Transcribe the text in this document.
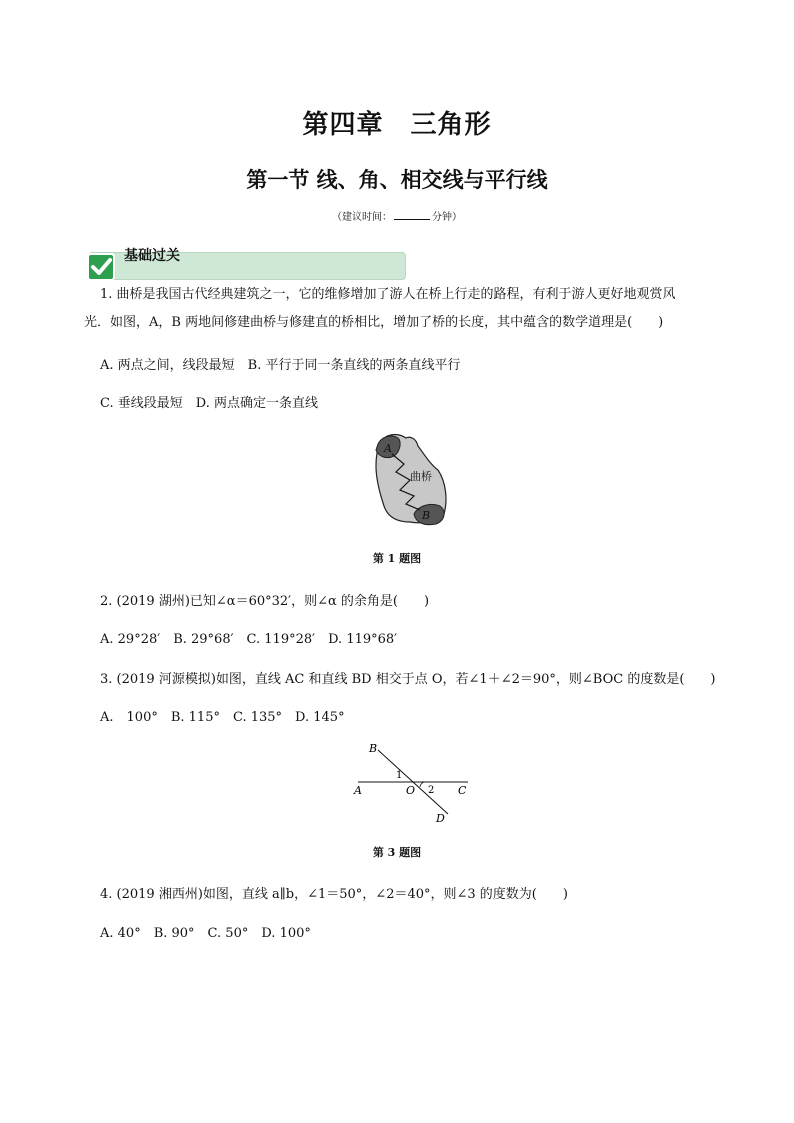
第四章　三角形
第一节 线、角、相交线与平行线
（建议时间：	分钟）
基础过关
1. 曲桥是我国古代经典建筑之一，它的维修增加了游人在桥上行走的路程，有利于游人更好地观赏风
光．如图，A，B 两地间修建曲桥与修建直的桥相比，增加了桥的长度，其中蕴含的数学道理是(　　)
A. 两点之间，线段最短　B. 平行于同一条直线的两条直线平行
C. 垂线段最短　D. 两点确定一条直线
A
B
曲桥
第 1 题图
2. (2019 湖州)已知∠α＝60°32′，则∠α 的余角是(　　)
A. 29°28′　B. 29°68′　C. 119°28′　D. 119°68′
3. (2019 河源模拟)如图，直线 AC 和直线 BD 相交于点 O，若∠1＋∠2＝90°，则∠BOC 的度数是(　　)
A.　100°　B. 115°　C. 135°　D. 145°
B
A	O	C
D
1
2
第 3 题图
4. (2019 湘西州)如图，直线 a∥b，∠1＝50°，∠2＝40°，则∠3 的度数为(　　)
A. 40°　B. 90°　C. 50°　D. 100°
